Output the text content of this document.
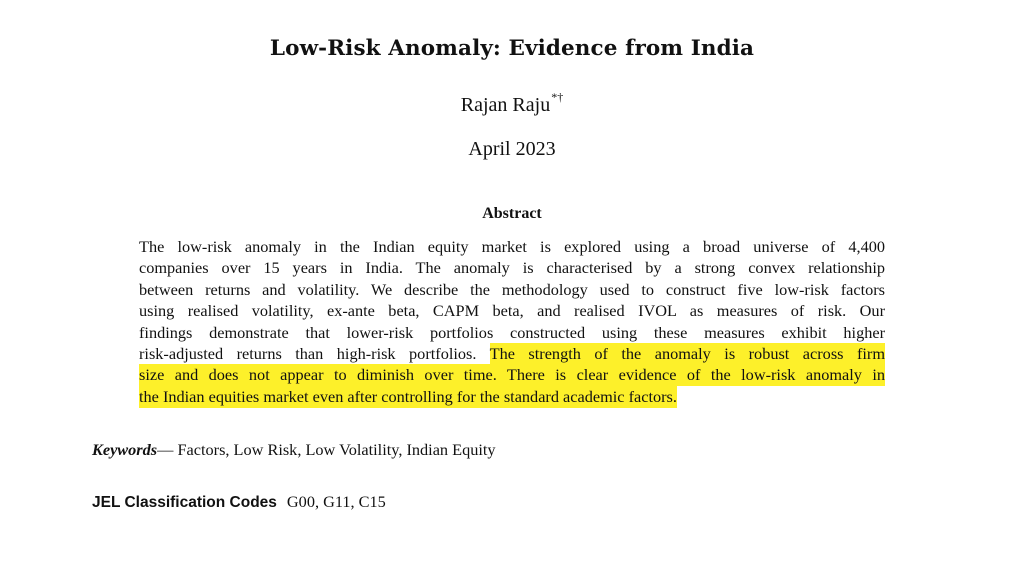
Low-Risk Anomaly: Evidence from India
Rajan Raju*†
April 2023
Abstract
The low-risk anomaly in the Indian equity market is explored using a broad universe of 4,400
companies over 15 years in India. The anomaly is characterised by a strong convex relationship
between returns and volatility. We describe the methodology used to construct five low-risk factors
using realised volatility, ex-ante beta, CAPM beta, and realised IVOL as measures of risk. Our
findings demonstrate that lower-risk portfolios constructed using these measures exhibit higher
risk-adjusted returns than high-risk portfolios. The strength of the anomaly is robust across firm
size and does not appear to diminish over time. There is clear evidence of the low-risk anomaly in
the Indian equities market even after controlling for the standard academic factors.
Keywords— Factors, Low Risk, Low Volatility, Indian Equity
JEL Classification Codes G00, G11, C15
